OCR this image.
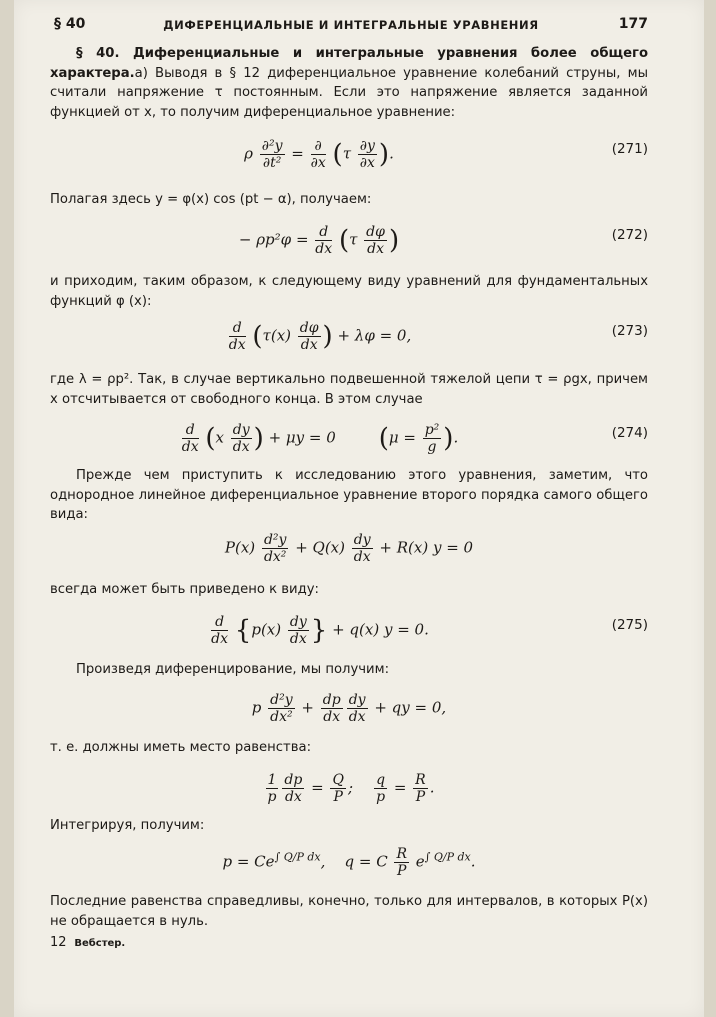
§ 40	ДИФЕРЕНЦИАЛЬНЫЕ И ИНТЕГРАЛЬНЫЕ УРАВНЕНИЯ	177
§ 40. Диференциальные и интегральные уравнения более общего характера.а) Выводя в § 12 диференциальное уравнение колебаний струны, мы считали напряжение τ постоянным. Если это напряжение является заданной функцией от x, то получим диференциальное уравнение:
ρ $\frac{\text{∂²y}}{\text{∂t²}} = \frac{\partial}{\partial x} (\tau \frac{\partial y}{\partial x}$ ).	(271)
Полагая здесь y = φ(x) cos (pt − α), получаем:
− $\rho p^2\varphi = \frac{d}{dx} (\tau \frac{d\varphi}{dx}$ )	(272)
и приходим, таким образом, к следующему виду уравнений для фундаментальных функций φ (x):
$\frac{d}{dx} (\tau(x) \frac{d\varphi}{dx}$ ) + λφ = 0,	(273)
где λ = ρp². Так, в случае вертикально подвешенной тяжелой цепи τ = ρgx, причем x отсчитывается от свободного конца. В этом случае
$\frac{d}{dx} (x \frac{dy}{dx}$ ) + μy = 0         ($\mu = \frac{\text{p²}}{g}$ ).	(274)
Прежде чем приступить к исследованию этого уравнения, заметим, что однородное линейное диференциальное уравнение второго порядка самого общего вида:
$P(x) \frac{\text{d²y}}{\text{dx²}} + Q(x) \frac{dy}{dx} + R(x) y = 0$
всегда может быть приведено к виду:
$\frac{d}{dx} \{p(x) \frac{dy}{dx}$ } + q(x) y = 0.	(275)
Произведя диференцирование, мы получим:
p $\frac{\text{d²y}}{\text{dx²}} + \frac{dp}{dx} \frac{dy}{dx}$ + qy = 0,
т. е. должны иметь место равенства:
$\frac{1}{p} \frac{dp}{dx} = \frac{Q}{P}$ ; $\frac{q}{p} = \frac{R}{P}$ .
Интегрируя, получим:
$p = Ce^{\int Q/P dx}$,    q = C $\frac{R}{P} e^{\int Q/P dx}$.
Последние равенства справедливы, конечно, только для интервалов, в которых P(x) не обращается в нуль.
12 Вебстер.
